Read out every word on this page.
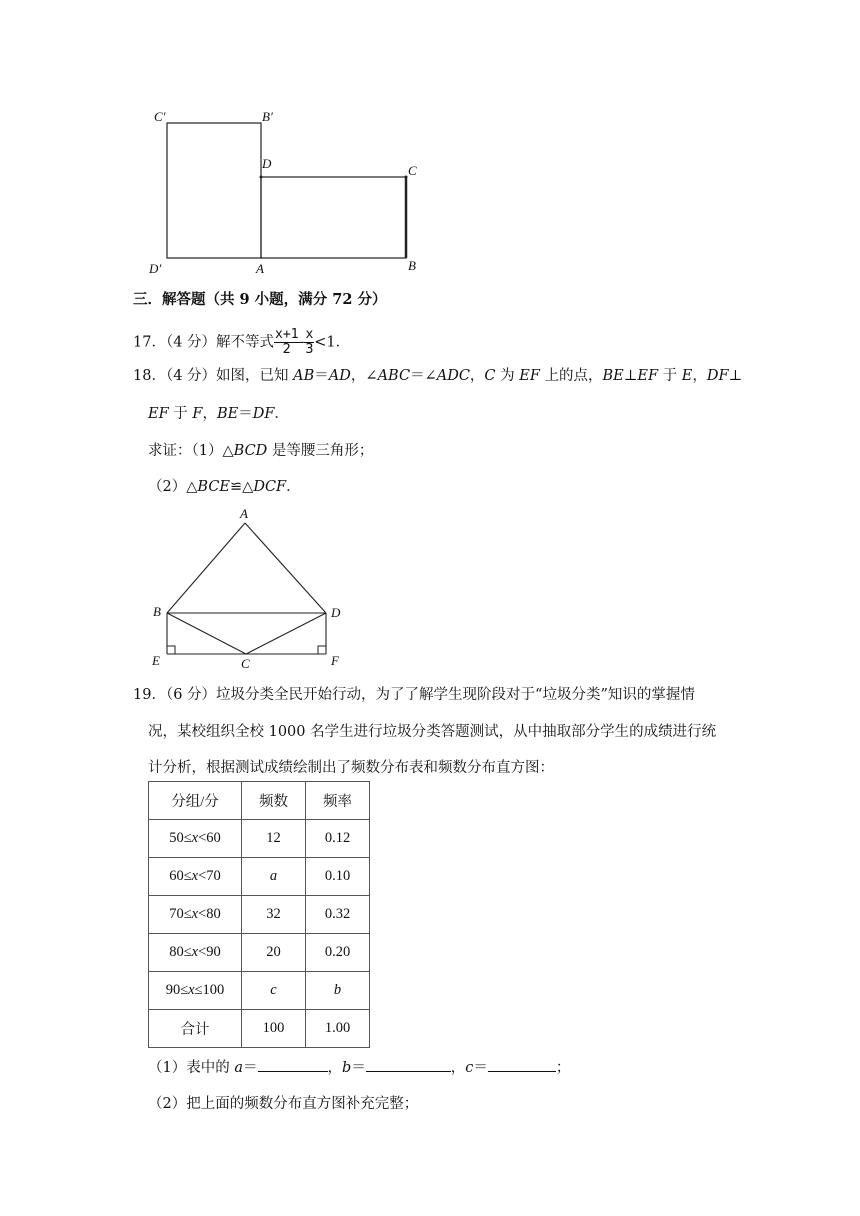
C′	B′
D	C
D′	A	B
三．解答题（共 9 小题，满分 72 分）
17．（4 分）解不等式 $\frac{x+1}{2} - \frac{x}{3} <1$．
18．（4 分）如图，已知 AB＝AD，∠ABC＝∠ADC，C 为 EF 上的点，BE⊥EF 于 E，DF⊥
EF 于 F，BE＝DF．
求证：（1）△BCD 是等腰三角形；
（2）△BCE≌△DCF．
A
B	D
E	C	F
19．（6 分）垃圾分类全民开始行动，为了了解学生现阶段对于“垃圾分类”知识的掌握情
况，某校组织全校 1000 名学生进行垃圾分类答题测试，从中抽取部分学生的成绩进行统
计分析，根据测试成绩绘制出了频数分布表和频数分布直方图：
分组/分	频数	频率
50≤x<60	12	0.12
60≤x<70	a	0.10
70≤x<80	32	0.32
80≤x<90	20	0.20
90≤x≤100	c	b
合计	100	1.00
（1）表中的 a＝	，b＝	，c＝	；
（2）把上面的频数分布直方图补充完整；
